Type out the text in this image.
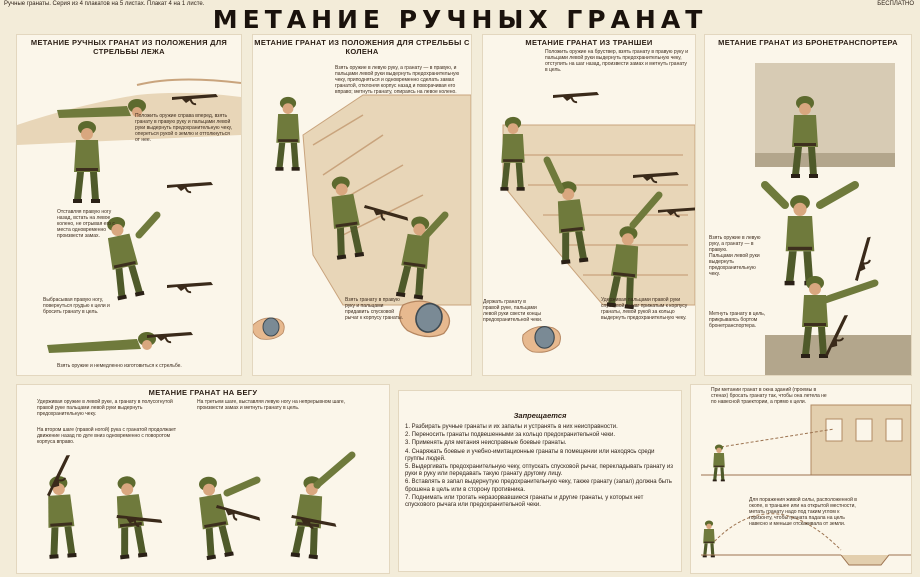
Ручные гранаты. Серия из 4 плакатов на 5 листах. Плакат 4 на 1 листе.	БЕСПЛАТНО
МЕТАНИЕ РУЧНЫХ ГРАНАТ
МЕТАНИЕ РУЧНЫХ ГРАНАТ ИЗ ПОЛОЖЕНИЯ ДЛЯ СТРЕЛЬБЫ ЛЕЖА
Положить оружие справа вперед, взять гранату в правую руку и пальцами левой руки выдернуть предохранительную чеку, опереться рукой о землю и оттолкнуться от нее.
Отставляя правую ногу назад, встать на левое колено, не отрывая его с места одновременно произвести замах.
Выбрасывая правую ногу, повернуться грудью к цели и бросить гранату в цель.
Взять оружие и немедленно изготовиться к стрельбе.
МЕТАНИЕ ГРАНАТ ИЗ ПОЛОЖЕНИЯ ДЛЯ СТРЕЛЬБЫ С КОЛЕНА
Взять оружие в левую руку, а гранату — в правую, и пальцами левой руки выдернуть предохранительную чеку, приподняться и одновременно сделать замах гранатой, отклоняя корпус назад и поворачивая его вправо; метнуть гранату, опираясь на левое колено.
Взять гранату в правую руку и пальцами придавить спусковой рычаг к корпусу гранаты.
МЕТАНИЕ ГРАНАТ ИЗ ТРАНШЕИ
Положить оружие на бруствер, взять гранату в правую руку и пальцами левой руки выдернуть предохранительную чеку, отступить на шаг назад, произвести замах и метнуть гранату в цель.
Держать гранату в правой руке, пальцами левой руки свести концы предохранительной чеки.
Удерживая пальцами правой руки спусковой рычаг прижатым к корпусу гранаты, левой рукой за кольцо выдернуть предохранительную чеку.
МЕТАНИЕ ГРАНАТ ИЗ БРОНЕТРАНСПОРТЕРА
Взять оружие в левую руку, а гранату — в правую.
Пальцами левой руки выдернуть предохранительную чеку.
Метнуть гранату в цель, прикрываясь бортом бронетранспортера.
МЕТАНИЕ ГРАНАТ НА БЕГУ
Удерживая оружие в левой руке, а гранату в полусогнутой правой руке пальцами левой руки выдернуть предохранительную чеку.
На втором шаге (правой ногой) рука с гранатой продолжает движение назад по дуге вниз одновременно с поворотом корпуса вправо.
На третьем шаге, выставляя левую ногу на непрерывном шаге, произвести замах и метнуть гранату в цель.
Запрещается
1. Разбирать ручные гранаты и их запалы и устранять в них неисправности.
2. Переносить гранаты подвешенными за кольцо предохранительной чеки.
3. Применять для метания неисправные боевые гранаты.
4. Снаряжать боевые и учебно-имитационные гранаты в помещении или находясь среди группы людей.
5. Выдергивать предохранительную чеку, отпускать спусковой рычаг, перекладывать гранату из руки в руку или передавать такую гранату другому лицу.
6. Вставлять в запал выдернутую предохранительную чеку, также гранату (запал) должна быть брошена в цель или в сторону противника.
7. Поднимать или трогать неразорвавшиеся гранаты и другие гранаты, у которых нет спускового рычага или предохранительной чеки.
При метании гранат в окна зданий (проемы в стенах) бросать гранату так, чтобы она летела не по навесной траектории, а прямо к цели.
Для поражения живой силы, расположенной в окопе, в траншее или на открытой местности, метать гранату надо под таким углом к горизонту, чтобы граната падала на цель навесно и меньше отскакивала от земли.
